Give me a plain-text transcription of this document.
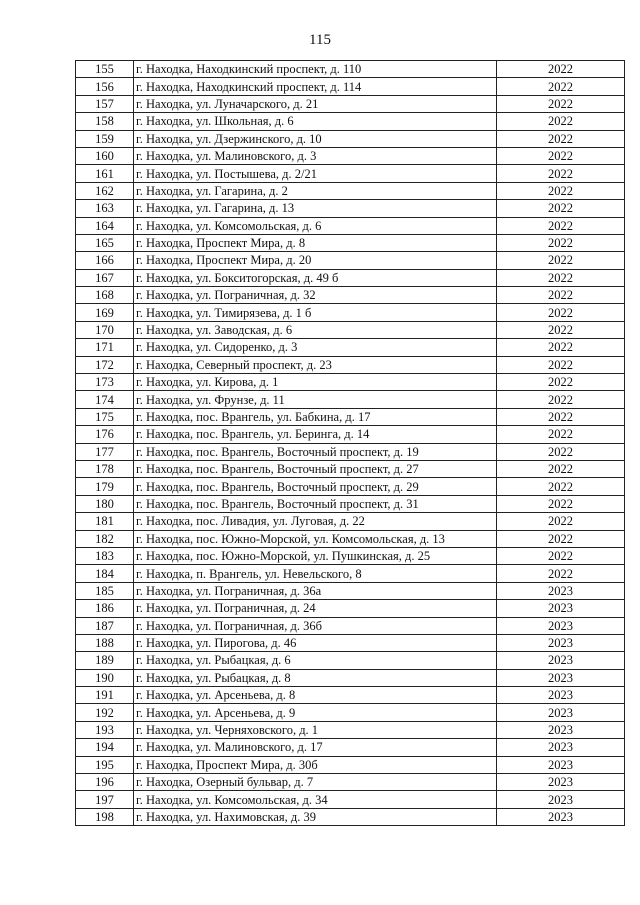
115
155	г. Находка, Находкинский проспект, д. 110	2022
156	г. Находка, Находкинский проспект, д. 114	2022
157	г. Находка, ул. Луначарского, д. 21	2022
158	г. Находка, ул. Школьная, д. 6	2022
159	г. Находка, ул. Дзержинского, д. 10	2022
160	г. Находка, ул. Малиновского, д. 3	2022
161	г. Находка, ул. Постышева, д. 2/21	2022
162	г. Находка, ул. Гагарина, д. 2	2022
163	г. Находка, ул. Гагарина, д. 13	2022
164	г. Находка, ул. Комсомольская, д. 6	2022
165	г. Находка, Проспект Мира, д. 8	2022
166	г. Находка, Проспект Мира, д. 20	2022
167	г. Находка, ул. Бокситогорская, д. 49 б	2022
168	г. Находка, ул. Пограничная, д. 32	2022
169	г. Находка, ул. Тимирязева, д. 1 б	2022
170	г. Находка, ул. Заводская, д. 6	2022
171	г. Находка, ул. Сидоренко, д. 3	2022
172	г. Находка, Северный проспект, д. 23	2022
173	г. Находка, ул. Кирова, д. 1	2022
174	г. Находка, ул. Фрунзе, д. 11	2022
175	г. Находка, пос. Врангель, ул. Бабкина, д. 17	2022
176	г. Находка, пос. Врангель, ул. Беринга, д. 14	2022
177	г. Находка, пос. Врангель, Восточный проспект, д. 19	2022
178	г. Находка, пос. Врангель, Восточный проспект, д. 27	2022
179	г. Находка, пос. Врангель, Восточный проспект, д. 29	2022
180	г. Находка, пос. Врангель, Восточный проспект, д. 31	2022
181	г. Находка, пос. Ливадия, ул. Луговая, д. 22	2022
182	г. Находка, пос. Южно-Морской, ул. Комсомольская, д. 13	2022
183	г. Находка, пос. Южно-Морской, ул. Пушкинская, д. 25	2022
184	г. Находка, п. Врангель, ул. Невельского, 8	2022
185	г. Находка, ул. Пограничная, д. 36а	2023
186	г. Находка, ул. Пограничная, д. 24	2023
187	г. Находка, ул. Пограничная, д. 36б	2023
188	г. Находка, ул. Пирогова, д. 46	2023
189	г. Находка, ул. Рыбацкая, д. 6	2023
190	г. Находка, ул. Рыбацкая, д. 8	2023
191	г. Находка, ул. Арсеньева, д. 8	2023
192	г. Находка, ул. Арсеньева, д. 9	2023
193	г. Находка, ул. Черняховского, д. 1	2023
194	г. Находка, ул. Малиновского, д. 17	2023
195	г. Находка, Проспект Мира, д. 30б	2023
196	г. Находка, Озерный бульвар, д. 7	2023
197	г. Находка, ул. Комсомольская, д. 34	2023
198	г. Находка, ул. Нахимовская, д. 39	2023
